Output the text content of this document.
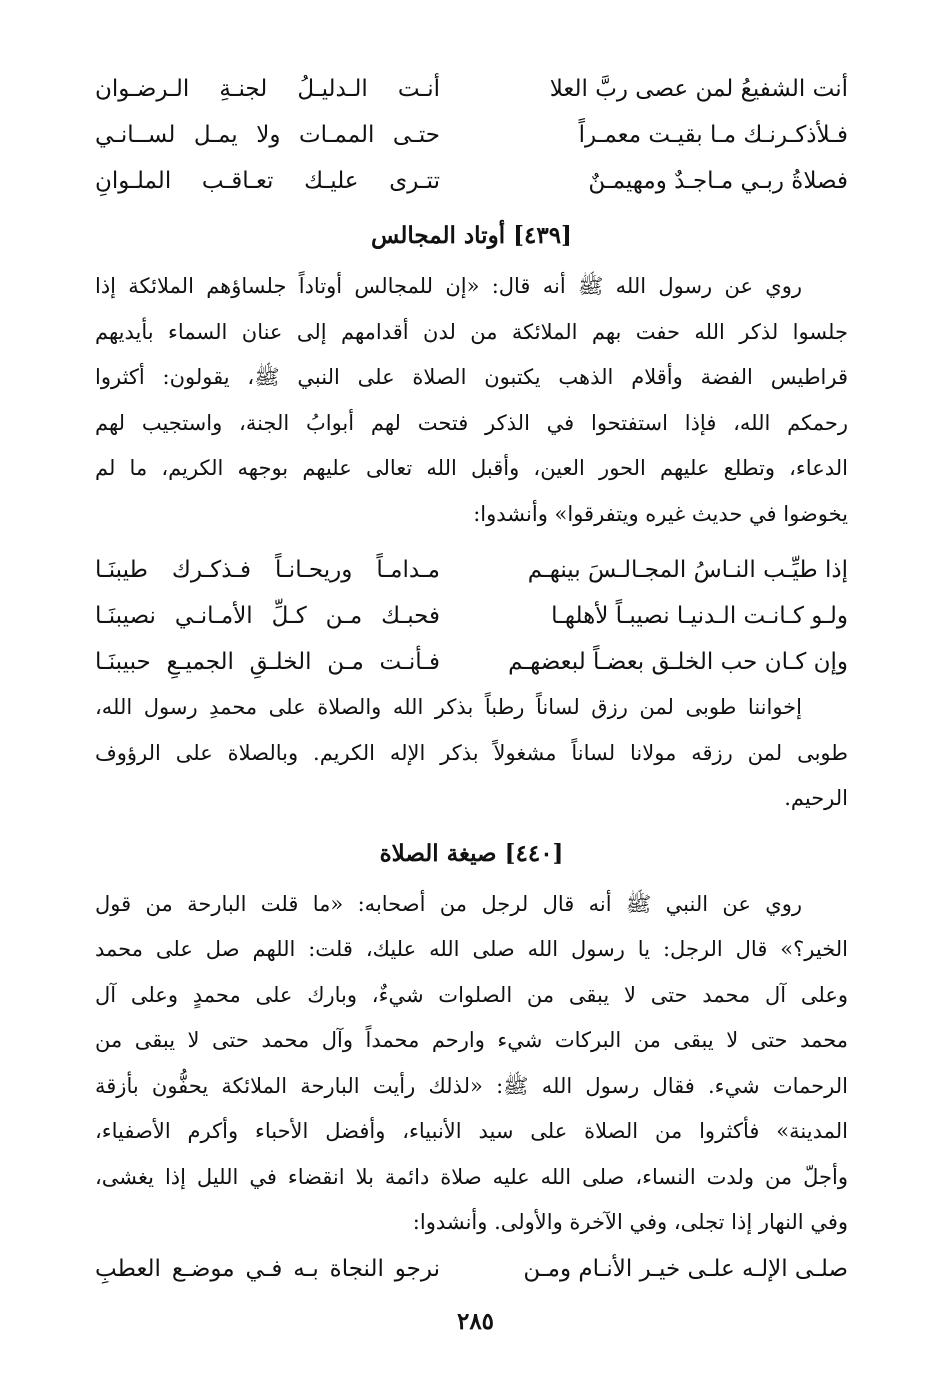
أنت الشفيعُ لمن عصى ربَّ العلا
أنـت الـدليـلُ لجنـةِ الـرضـوان
فـلأذكـرنـك مـا بقيـت معمـراً
حتـى الممـات ولا يمـل لســانـي
فصلاةُ ربـي مـاجـدٌ ومهيمـنٌ
تتـرى عليـك تعـاقـب الملـوانِ
[٤٣٩] أوتاد المجالس
روي عن رسول الله ﷺ أنه قال: «إن للمجالس أوتاداً جلساؤهم الملائكة إذا
جلسوا لذكر الله حفت بهم الملائكة من لدن أقدامهم إلى عنان السماء بأيديهم
قراطيس الفضة وأقلام الذهب يكتبون الصلاة على النبي ﷺ، يقولون: أكثروا
رحمكم الله، فإذا استفتحوا في الذكر فتحت لهم أبوابُ الجنة، واستجيب لهم
الدعاء، وتطلع عليهم الحور العين، وأقبل الله تعالى عليهم بوجهه الكريم، ما لم
يخوضوا في حديث غيره ويتفرقوا» وأنشدوا:
إذا طيِّـب النـاسُ المجـالـسَ بينهـم
مـدامـاً وريحـانـاً فـذكـرك طيبنَـا
ولـو كـانـت الـدنيـا نصيبـاً لأهلهـا
فحبـك مـن كـلِّ الأمـانـي نصيبنَـا
وإن كـان حب الخلـق بعضـاً لبعضهـم
فـأنـت مـن الخلـقِ الجميـعِ حبيبنَـا
إخواننا طوبى لمن رزق لساناً رطباً بذكر الله والصلاة على محمدِ رسول الله،
طوبى لمن رزقه مولانا لساناً مشغولاً بذكر الإله الكريم. وبالصلاة على الرؤوف
الرحيم.
[٤٤٠] صيغة الصلاة
روي عن النبي ﷺ أنه قال لرجل من أصحابه: «ما قلت البارحة من قول
الخير؟» قال الرجل: يا رسول الله صلى الله عليك، قلت: اللهم صل على محمد
وعلى آل محمد حتى لا يبقى من الصلوات شيءٌ، وبارك على محمدٍ وعلى آل
محمد حتى لا يبقى من البركات شيء وارحم محمداً وآل محمد حتى لا يبقى من
الرحمات شيء. فقال رسول الله ﷺ: «لذلك رأيت البارحة الملائكة يحفُّون بأزقة
المدينة» فأكثروا من الصلاة على سيد الأنبياء، وأفضل الأحباء وأكرم الأصفياء،
وأجلّ من ولدت النساء، صلى الله عليه صلاة دائمة بلا انقضاء في الليل إذا يغشى،
وفي النهار إذا تجلى، وفي الآخرة والأولى. وأنشدوا:
صلـى الإلـه علـى خيـر الأنـام ومـن
نرجو النجاة بـه فـي موضـع العطبِ
٢٨٥
